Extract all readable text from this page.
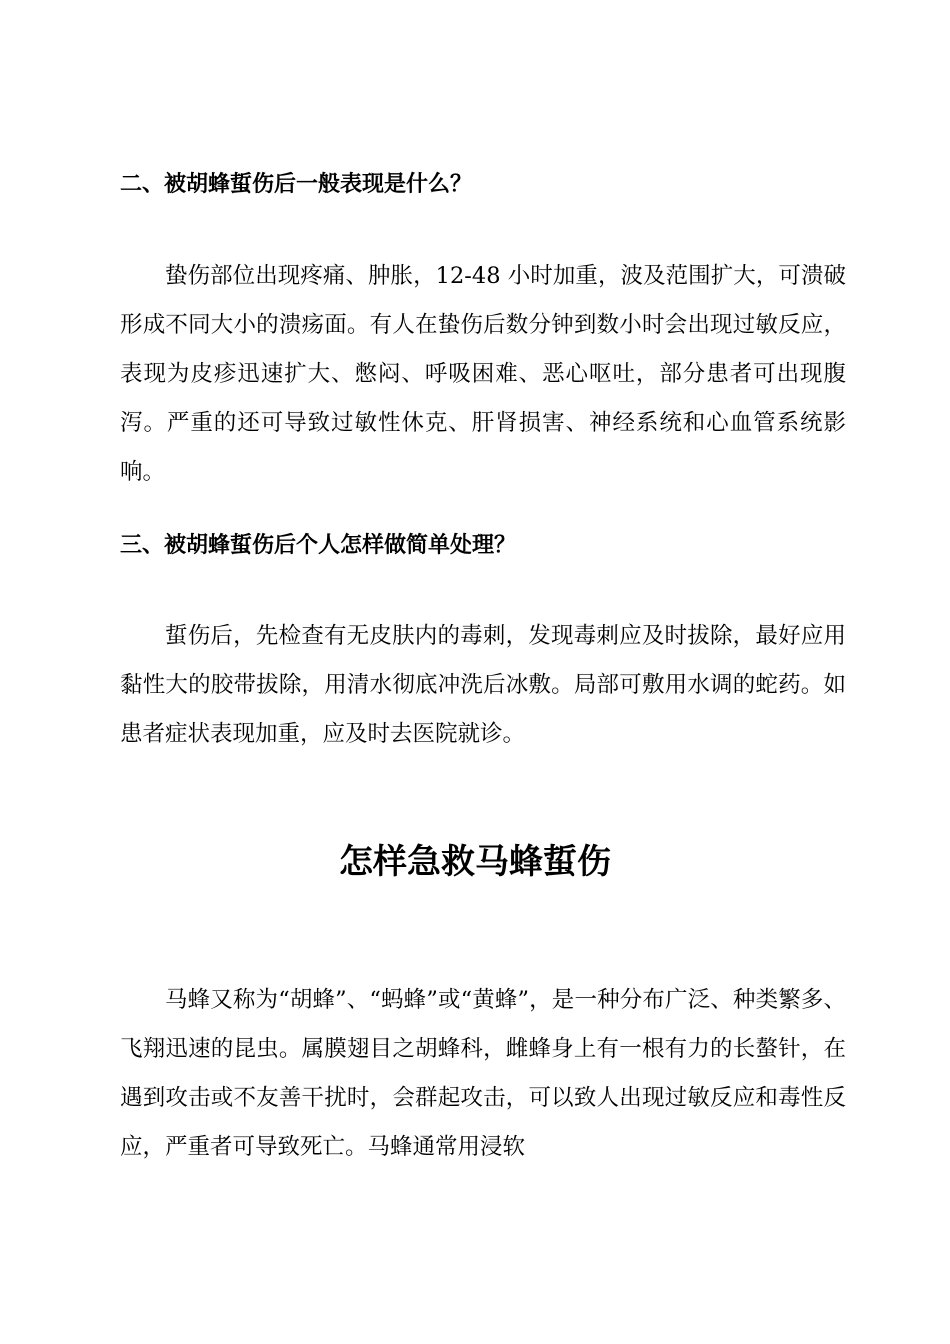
二、被胡蜂蜇伤后一般表现是什么？

蛰伤部位出现疼痛、肿胀，12-48 小时加重，波及范围扩大，可溃破形成不同大小的溃疡面。有人在蛰伤后数分钟到数小时会出现过敏反应，表现为皮疹迅速扩大、憋闷、呼吸困难、恶心呕吐，部分患者可出现腹泻。严重的还可导致过敏性休克、肝肾损害、神经系统和心血管系统影响。

三、被胡蜂蜇伤后个人怎样做简单处理？

蜇伤后，先检查有无皮肤内的毒刺，发现毒刺应及时拔除，最好应用黏性大的胶带拔除，用清水彻底冲洗后冰敷。局部可敷用水调的蛇药。如患者症状表现加重，应及时去医院就诊。

怎样急救马蜂蜇伤

马蜂又称为“胡蜂”、“蚂蜂”或“黄蜂”，是一种分布广泛、种类繁多、飞翔迅速的昆虫。属膜翅目之胡蜂科，雌蜂身上有一根有力的长螯针，在遇到攻击或不友善干扰时，会群起攻击，可以致人出现过敏反应和毒性反应，严重者可导致死亡。马蜂通常用浸软
